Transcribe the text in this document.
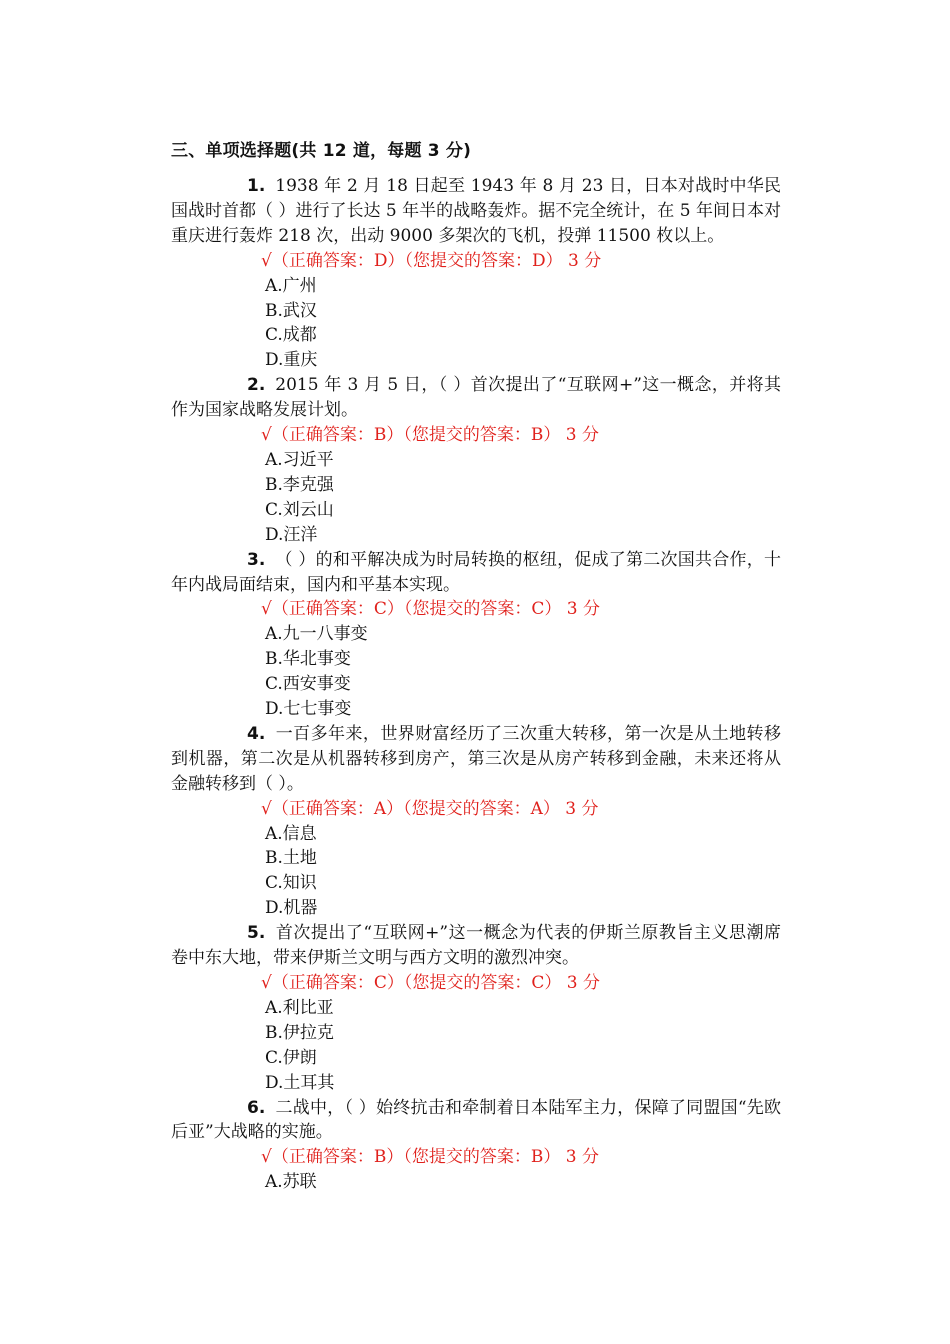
三、单项选择题(共 12 道，每题 3 分)

1. 1938 年 2 月 18 日起至 1943 年 8 月 23 日，日本对战时中华民国战时首都（ ）进行了长达 5 年半的战略轰炸。据不完全统计，在 5 年间日本对重庆进行轰炸 218 次，出动 9000 多架次的飞机，投弹 11500 枚以上。

√（正确答案：D）（您提交的答案：D） 3 分

A.广州

B.武汉

C.成都

D.重庆

2. 2015 年 3 月 5 日，（ ）首次提出了“互联网+”这一概念，并将其作为国家战略发展计划。

√（正确答案：B）（您提交的答案：B） 3 分

A.习近平

B.李克强

C.刘云山

D.汪洋

3. （ ）的和平解决成为时局转换的枢纽，促成了第二次国共合作，十年内战局面结束，国内和平基本实现。

√（正确答案：C）（您提交的答案：C） 3 分

A.九一八事变

B.华北事变

C.西安事变

D.七七事变

4. 一百多年来，世界财富经历了三次重大转移，第一次是从土地转移到机器，第二次是从机器转移到房产，第三次是从房产转移到金融，未来还将从金融转移到（ ）。

√（正确答案：A）（您提交的答案：A） 3 分

A.信息

B.土地

C.知识

D.机器

5. 首次提出了“互联网+”这一概念为代表的伊斯兰原教旨主义思潮席卷中东大地，带来伊斯兰文明与西方文明的激烈冲突。

√（正确答案：C）（您提交的答案：C） 3 分

A.利比亚

B.伊拉克

C.伊朗

D.土耳其

6. 二战中，（ ）始终抗击和牵制着日本陆军主力，保障了同盟国“先欧后亚”大战略的实施。

√（正确答案：B）（您提交的答案：B） 3 分

A.苏联
